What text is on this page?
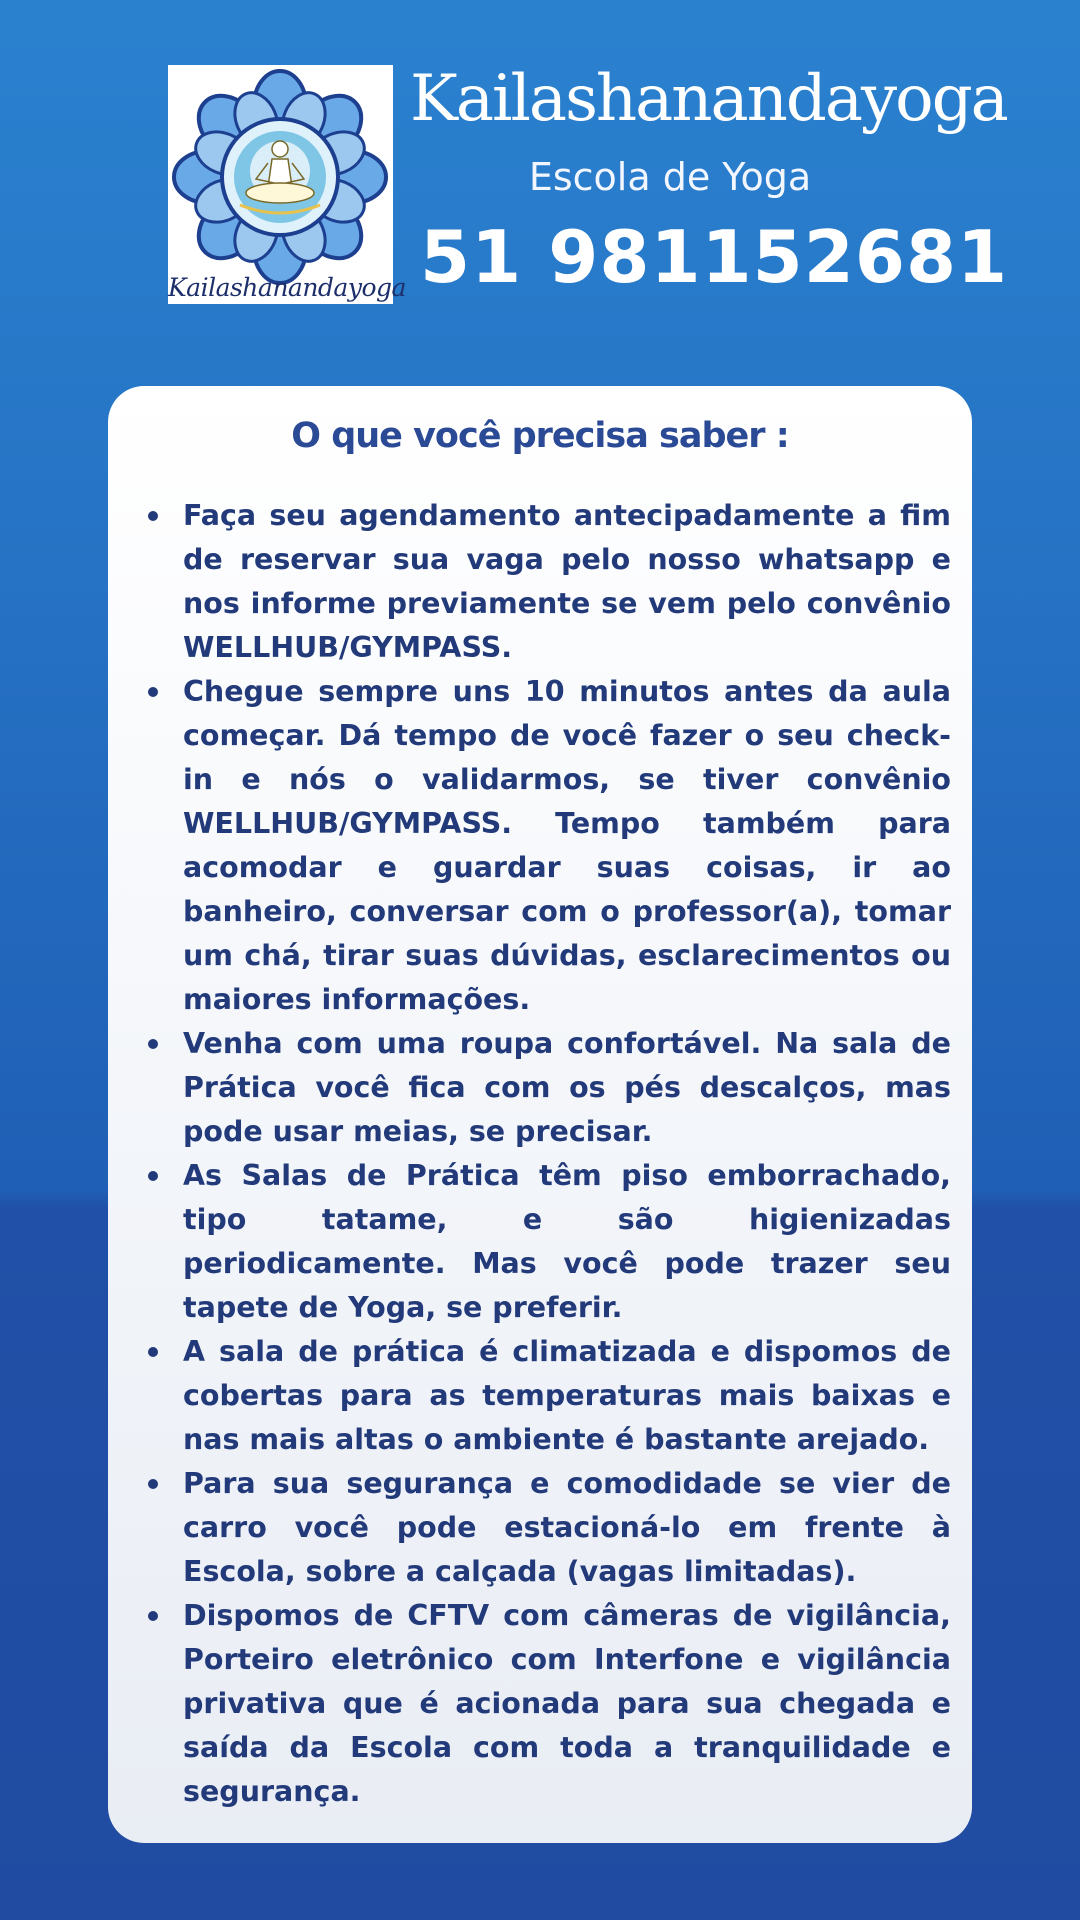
Kailashanandayoga
Kailashanandayoga
Escola de Yoga
51 981152681
O que você precisa saber :
Faça seu agendamento antecipadamente a fim de reservar sua vaga pelo nosso whatsapp e nos informe previamente se vem pelo convênio WELLHUB/GYMPASS.
Chegue sempre uns 10 minutos antes da aula começar. Dá tempo de você fazer o seu check-in e nós o validarmos, se tiver convênio WELLHUB/GYMPASS. Tempo também para acomodar e guardar suas coisas, ir ao banheiro, conversar com o professor(a), tomar um chá, tirar suas dúvidas, esclarecimentos ou maiores informações.
Venha com uma roupa confortável. Na sala de Prática você fica com os pés descalços, mas pode usar meias, se precisar.
As Salas de Prática têm piso emborrachado, tipo tatame, e são higienizadas periodicamente. Mas você pode trazer seu tapete de Yoga, se preferir.
A sala de prática é climatizada e dispomos de cobertas para as temperaturas mais baixas e nas mais altas o ambiente é bastante arejado.
Para sua segurança e comodidade se vier de carro você pode estacioná-lo em frente à Escola, sobre a calçada (vagas limitadas).
Dispomos de CFTV com câmeras de vigilância, Porteiro eletrônico com Interfone e vigilância privativa que é acionada para sua chegada e saída da Escola com toda a tranquilidade e segurança.
